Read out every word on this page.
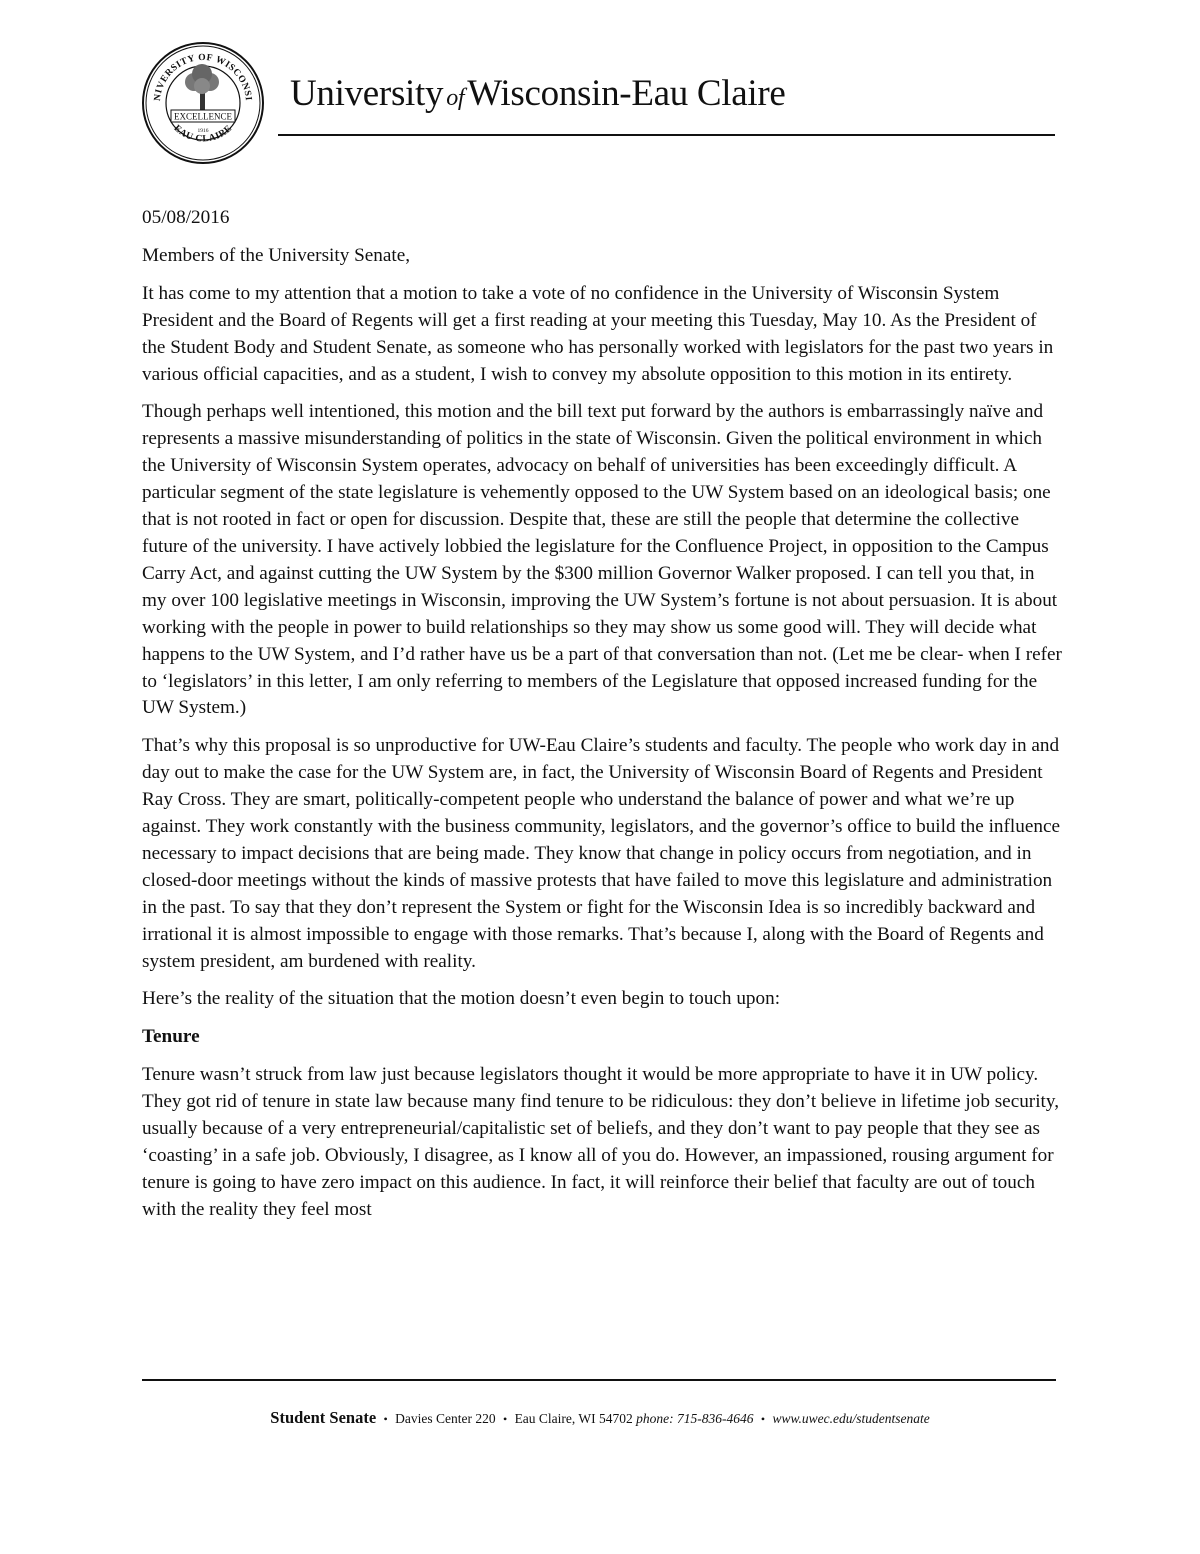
NIVERSITY OF WISCONSI
EAU CLAIRE
EXCELLENCE
1916
University ofWisconsin-Eau Claire

05/08/2016

Members of the University Senate,

It has come to my attention that a motion to take a vote of no confidence in the University of Wisconsin System President and the Board of Regents will get a first reading at your meeting this Tuesday, May 10. As the President of the Student Body and Student Senate, as someone who has personally worked with legislators for the past two years in various official capacities, and as a student, I wish to convey my absolute opposition to this motion in its entirety.

Though perhaps well intentioned, this motion and the bill text put forward by the authors is embarrassingly naïve and represents a massive misunderstanding of politics in the state of Wisconsin. Given the political environment in which the University of Wisconsin System operates, advocacy on behalf of universities has been exceedingly difficult. A particular segment of the state legislature is vehemently opposed to the UW System based on an ideological basis; one that is not rooted in fact or open for discussion. Despite that, these are still the people that determine the collective future of the university. I have actively lobbied the legislature for the Confluence Project, in opposition to the Campus Carry Act, and against cutting the UW System by the $300 million Governor Walker proposed. I can tell you that, in my over 100 legislative meetings in Wisconsin, improving the UW System’s fortune is not about persuasion. It is about working with the people in power to build relationships so they may show us some good will. They will decide what happens to the UW System, and I’d rather have us be a part of that conversation than not. (Let me be clear- when I refer to ‘legislators’ in this letter, I am only referring to members of the Legislature that opposed increased funding for the UW System.)

That’s why this proposal is so unproductive for UW-Eau Claire’s students and faculty. The people who work day in and day out to make the case for the UW System are, in fact, the University of Wisconsin Board of Regents and President Ray Cross. They are smart, politically-competent people who understand the balance of power and what we’re up against. They work constantly with the business community, legislators, and the governor’s office to build the influence necessary to impact decisions that are being made. They know that change in policy occurs from negotiation, and in closed-door meetings without the kinds of massive protests that have failed to move this legislature and administration in the past. To say that they don’t represent the System or fight for the Wisconsin Idea is so incredibly backward and irrational it is almost impossible to engage with those remarks. That’s because I, along with the Board of Regents and system president, am burdened with reality.

Here’s the reality of the situation that the motion doesn’t even begin to touch upon:

Tenure

Tenure wasn’t struck from law just because legislators thought it would be more appropriate to have it in UW policy. They got rid of tenure in state law because many find tenure to be ridiculous: they don’t believe in lifetime job security, usually because of a very entrepreneurial/capitalistic set of beliefs, and they don’t want to pay people that they see as ‘coasting’ in a safe job. Obviously, I disagree, as I know all of you do. However, an impassioned, rousing argument for tenure is going to have zero impact on this audience. In fact, it will reinforce their belief that faculty are out of touch with the reality they feel most

Student Senate • Davies Center 220 • Eau Claire, WI 54702 phone: 715-836-4646 • www.uwec.edu/studentsenate
